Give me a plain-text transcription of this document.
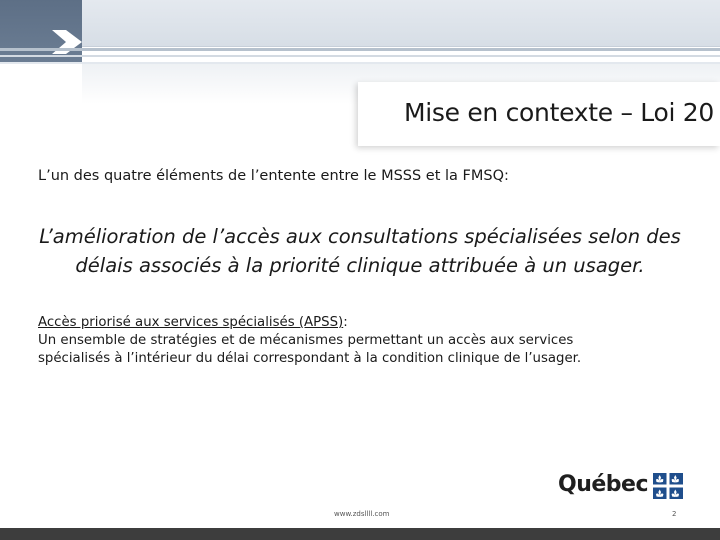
Mise en contexte – Loi 20
L’un des quatre éléments de l’entente entre le MSSS et la FMSQ:
L’amélioration de l’accès aux consultations spécialisées selon des
délais associés à la priorité clinique attribuée à un usager.
Accès priorisé aux services spécialisés (APSS):
Un ensemble de stratégies et de mécanismes permettant un accès aux services
spécialisés à l’intérieur du délai correspondant à la condition clinique de l’usager.
Québec
www.zdsllll.com	2
